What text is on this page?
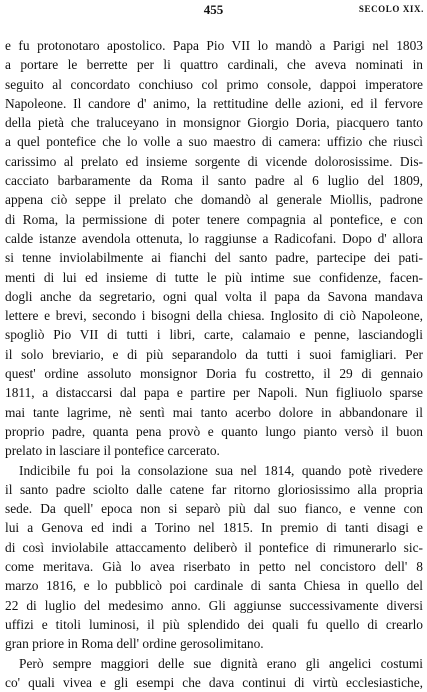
455	SECOLO XIX.
e fu protonotaro apostolico. Papa Pio VII lo mandò a Parigi nel 1803
a portare le berrette per li quattro cardinali, che aveva nominati in
seguito al concordato conchiuso col primo console, dappoi imperatore
Napoleone. Il candore d' animo, la rettitudine delle azioni, ed il fervore
della pietà che traluceyano in monsignor Giorgio Doria, piacquero tanto
a quel pontefice che lo volle a suo maestro di camera: uffizio che riuscì
carissimo al prelato ed insieme sorgente di vicende dolorosissime. Dis-
cacciato barbaramente da Roma il santo padre al 6 luglio del 1809,
appena ciò seppe il prelato che domandò al generale Miollis, padrone
di Roma, la permissione di poter tenere compagnia al pontefice, e con
calde istanze avendola ottenuta, lo raggiunse a Radicofani. Dopo d' allora
si tenne inviolabilmente ai fianchi del santo padre, partecipe dei pati-
menti di lui ed insieme di tutte le più intime sue confidenze, facen-
dogli anche da segretario, ogni qual volta il papa da Savona mandava
lettere e brevi, secondo i bisogni della chiesa. Inglosito di ciò Napoleone,
spogliò Pio VII di tutti i libri, carte, calamaio e penne, lasciandogli
il solo breviario, e di più separandolo da tutti i suoi famigliari. Per
quest' ordine assoluto monsignor Doria fu costretto, il 29 di gennaio
1811, a distaccarsi dal papa e partire per Napoli. Nun figliuolo sparse
mai tante lagrime, nè sentì mai tanto acerbo dolore in abbandonare il
proprio padre, quanta pena provò e quanto lungo pianto versò il buon
prelato in lasciare il pontefice carcerato.
Indicibile fu poi la consolazione sua nel 1814, quando potè rivedere
il santo padre sciolto dalle catene far ritorno gloriosissimo alla propria
sede. Da quell' epoca non si separò più dal suo fianco, e venne con
lui a Genova ed indi a Torino nel 1815. In premio di tanti disagi e
di così inviolabile attaccamento deliberò il pontefice di rimunerarlo sic-
come meritava. Già lo avea riserbato in petto nel concistoro dell' 8
marzo 1816, e lo pubblicò poi cardinale di santa Chiesa in quello del
22 di luglio del medesimo anno. Gli aggiunse successivamente diversi
uffizi e titoli luminosi, il più splendido dei quali fu quello di crearlo
gran priore in Roma dell' ordine gerosolimitano.
Però sempre maggiori delle sue dignità erano gli angelici costumi
co' quali vivea e gli esempi che dava continui di virtù ecclesiastiche,
